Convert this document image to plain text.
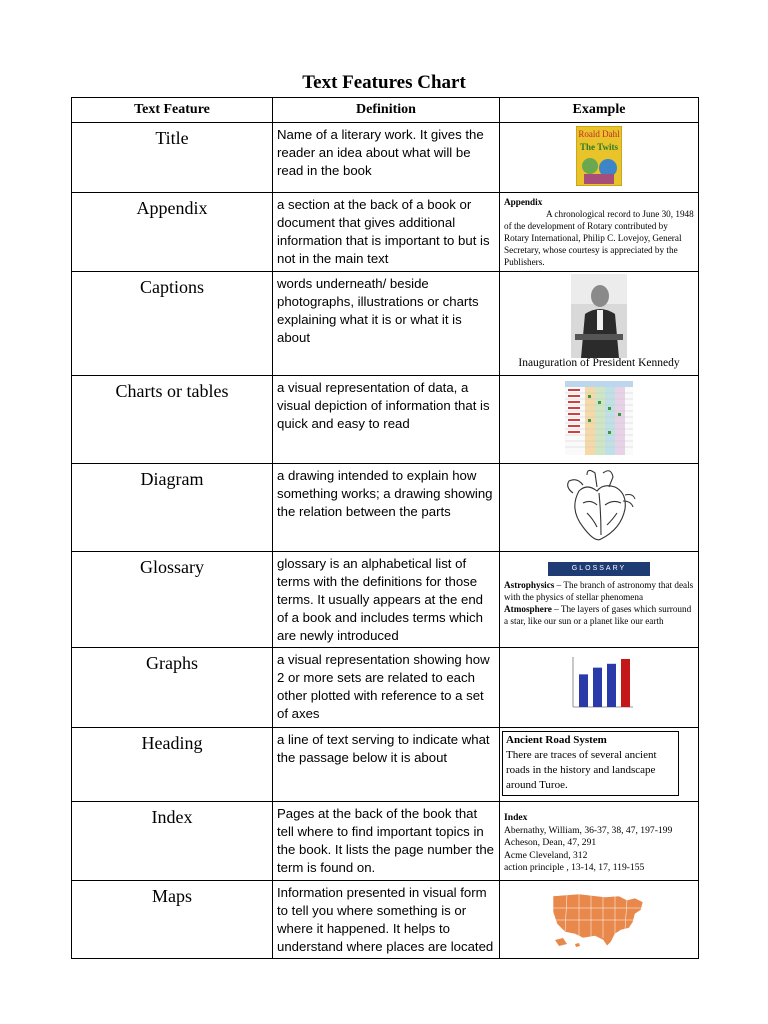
Text Features Chart
Text Feature	Definition	Example
Title	Name of a literary work. It gives the reader an idea about what will be read in the book	Roald Dahl
The Twits

Appendix	a section at the back of a book or document that gives additional information that is important to but is not in the main text	Appendix

A chronological record to June 30, 1948 of the development of Rotary contributed by Rotary International, Philip C. Lovejoy, General Secretary, whose courtesy is appreciated by the Publishers.

Captions	words underneath/ beside photographs, illustrations or charts explaining what it is or what it is about	Inauguration of President Kennedy

Charts or tables	a visual representation of data, a visual depiction of information that is quick and easy to read	

Diagram	a drawing intended to explain how something works; a drawing showing the relation between the parts	

Glossary	glossary is an alphabetical list of terms with the definitions for those terms. It usually appears at the end of a book and includes terms which are newly introduced	GLOSSARY
Astrophysics – The branch of astronomy that deals with the physics of stellar phenomena
Atmosphere – The layers of gases which surround a star, like our sun or a planet like our earth

Graphs	a visual representation showing how 2 or more sets are related to each other plotted with reference to a set of axes	

Heading	a line of text serving to indicate what the passage below it is about	Ancient Road System
There are traces of several ancient roads in the history and landscape around Turoe.

Index	Pages at the back of the book that tell where to find important topics in the book. It lists the page number the term is found on.	Index
Abernathy, William, 36-37, 38, 47, 197-199
Acheson, Dean, 47, 291
Acme Cleveland, 312
action principle , 13-14, 17, 119-155

Maps	Information presented in visual form to tell you where something is or where it happened. It helps to understand where places are located	
